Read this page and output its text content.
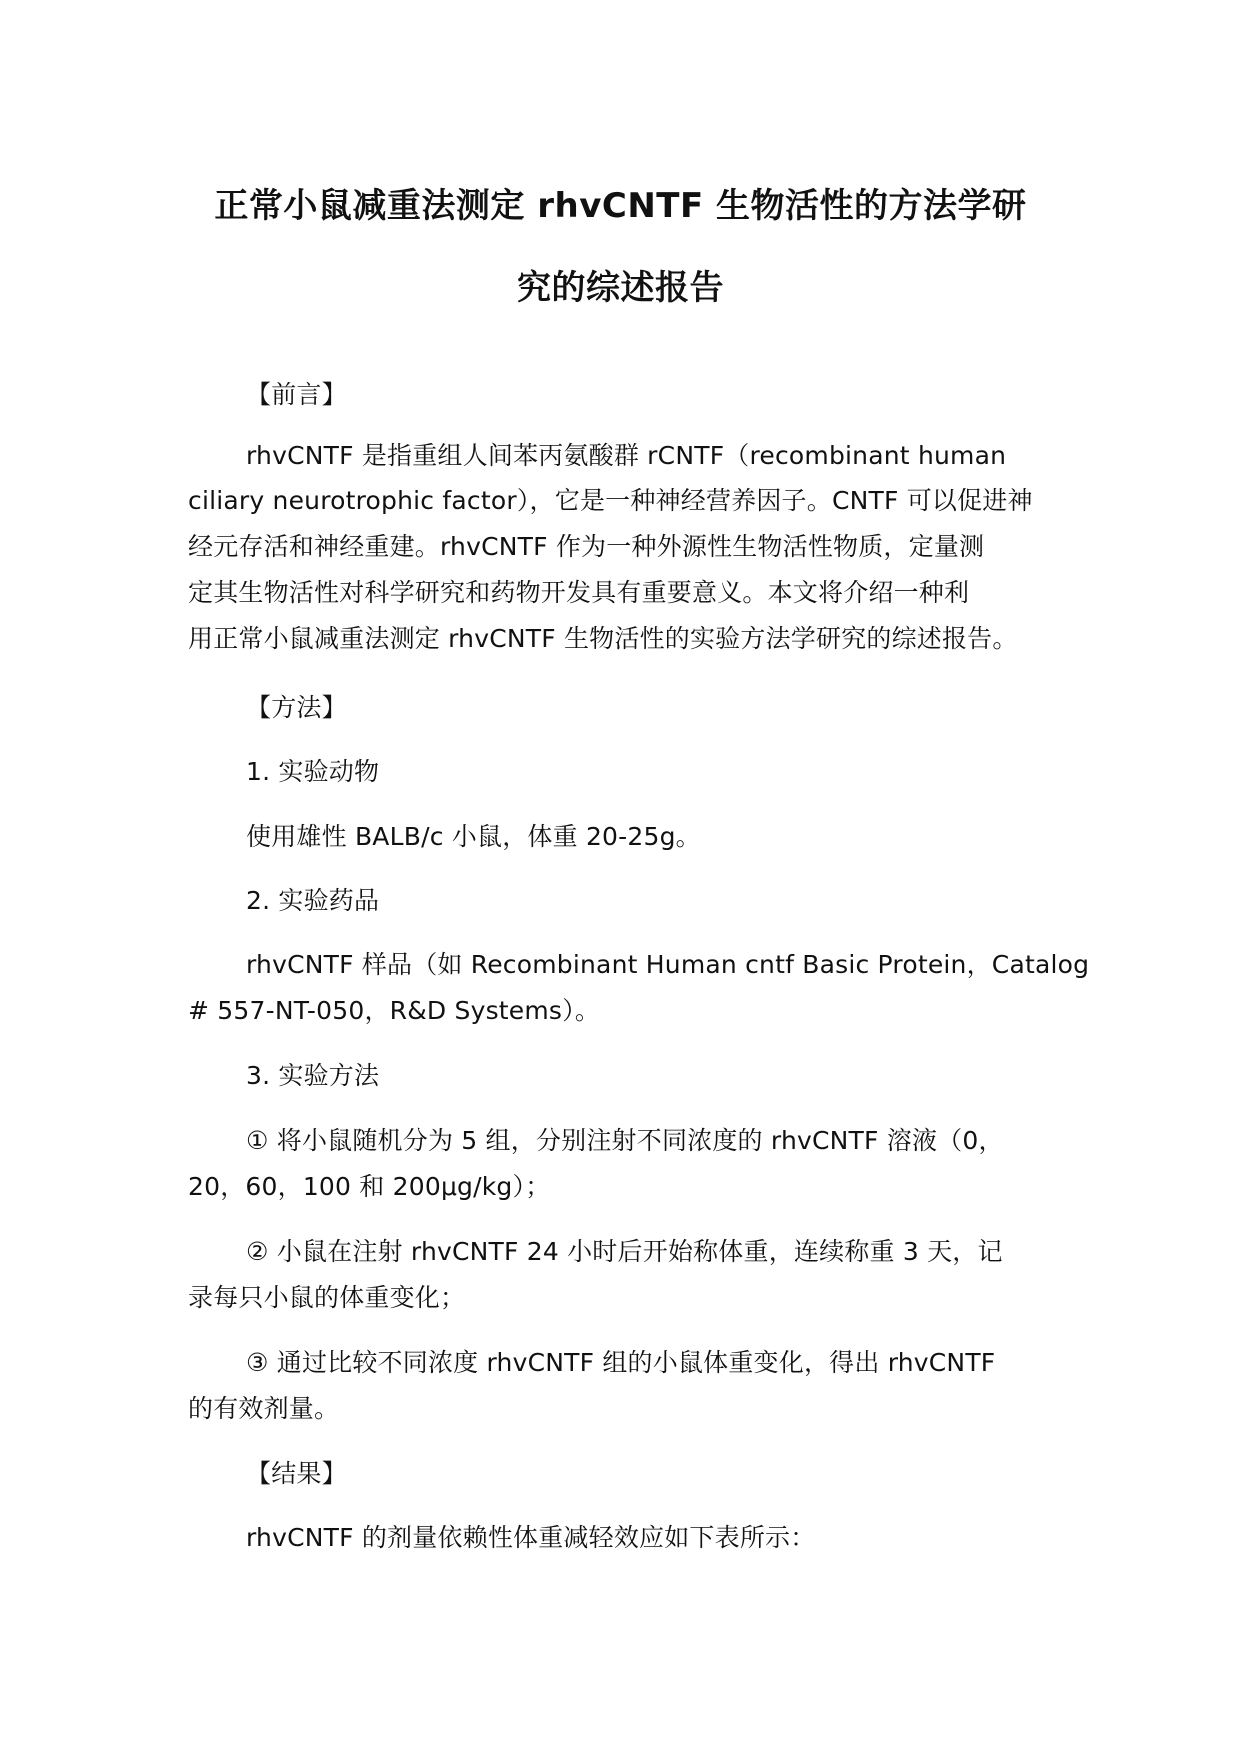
正常小鼠减重法测定 rhvCNTF 生物活性的方法学研
究的综述报告
【前言】
rhvCNTF 是指重组人间苯丙氨酸群 rCNTF（recombinant human
ciliary neurotrophic factor），它是一种神经营养因子。CNTF 可以促进神
经元存活和神经重建。rhvCNTF 作为一种外源性生物活性物质，定量测
定其生物活性对科学研究和药物开发具有重要意义。本文将介绍一种利
用正常小鼠减重法测定 rhvCNTF 生物活性的实验方法学研究的综述报告。
【方法】
1. 实验动物
使用雄性 BALB/c 小鼠，体重 20-25g。
2. 实验药品
rhvCNTF 样品（如 Recombinant Human cntf Basic Protein，Catalog
# 557-NT-050，R&D Systems）。
3. 实验方法
① 将小鼠随机分为 5 组，分别注射不同浓度的 rhvCNTF 溶液（0，
20，60，100 和 200μg/kg）；
② 小鼠在注射 rhvCNTF 24 小时后开始称体重，连续称重 3 天，记
录每只小鼠的体重变化；
③ 通过比较不同浓度 rhvCNTF 组的小鼠体重变化，得出 rhvCNTF
的有效剂量。
【结果】
rhvCNTF 的剂量依赖性体重减轻效应如下表所示：
